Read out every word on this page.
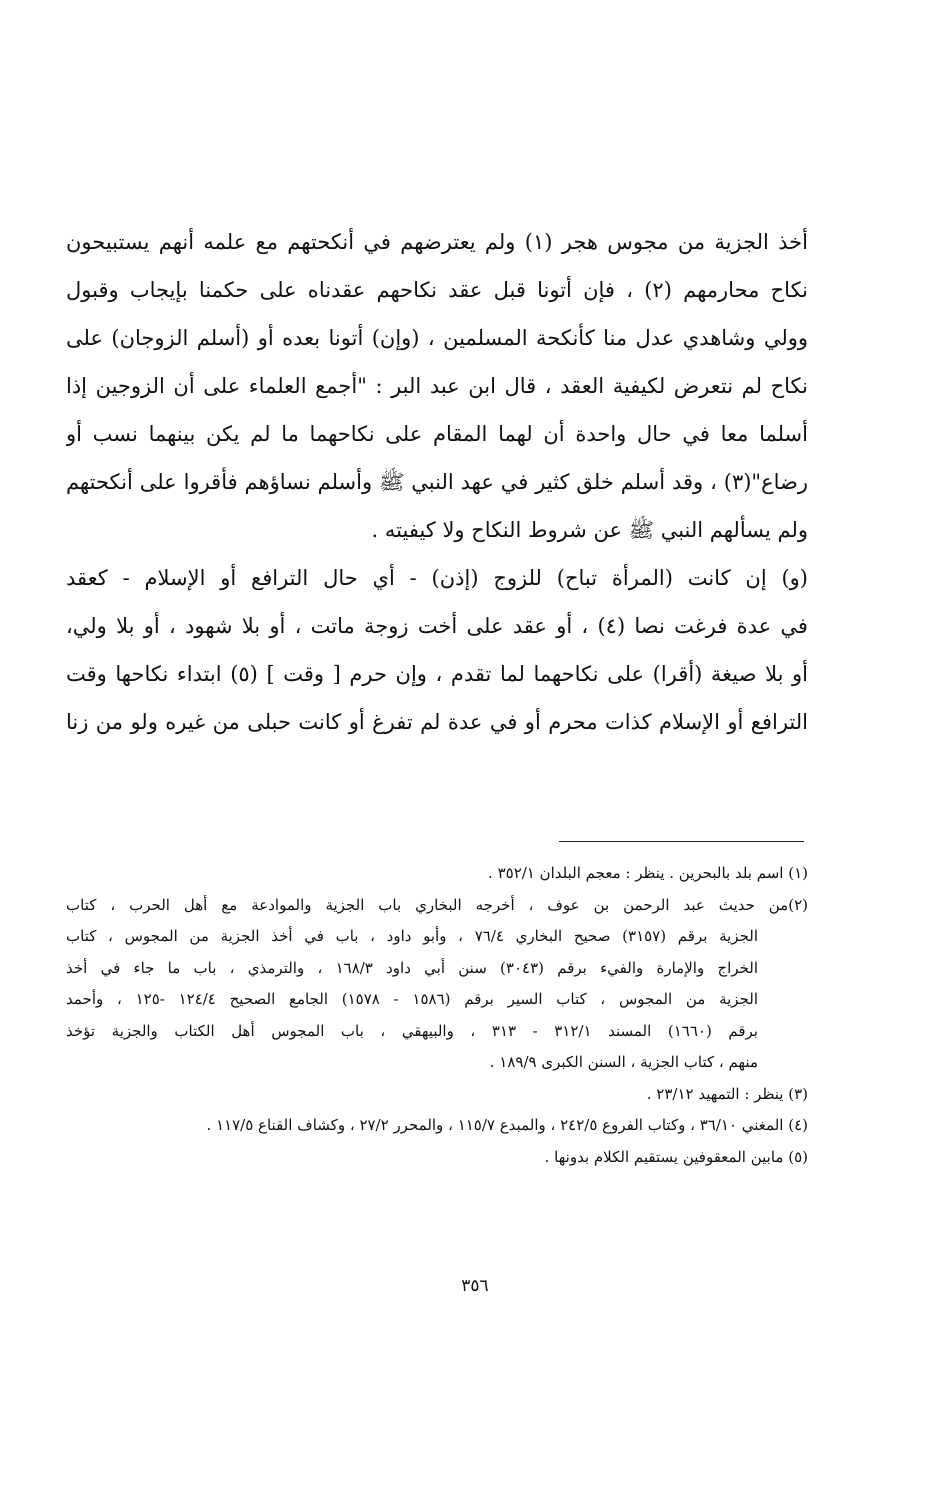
أخذ الجزية من مجوس هجر (١) ولم يعترضهم في أنكحتهم مع علمه أنهم يستبيحون
نكاح محارمهم (٢) ، فإن أتونا قبل عقد نكاحهم عقدناه على حكمنا بإيجاب وقبول
وولي وشاهدي عدل منا كأنكحة المسلمين ، (وإن) أتونا بعده أو (أسلم الزوجان) على
نكاح لم نتعرض لكيفية العقد ، قال ابن عبد البر : "أجمع العلماء على أن الزوجين إذا
أسلما معا في حال واحدة أن لهما المقام على نكاحهما ما لم يكن بينهما نسب أو
رضاع"(٣) ، وقد أسلم خلق كثير في عهد النبي ﷺ وأسلم نساؤهم فأقروا على أنكحتهم
ولم يسألهم النبي ﷺ عن شروط النكاح ولا كيفيته .
(و) إن كانت (المرأة تباح) للزوج (إذن) - أي حال الترافع أو الإسلام - كعقد
في عدة فرغت نصا (٤) ، أو عقد على أخت زوجة ماتت ، أو بلا شهود ، أو بلا ولي،
أو بلا صيغة (أقرا) على نكاحهما لما تقدم ، وإن حرم [ وقت ] (٥) ابتداء نكاحها وقت
الترافع أو الإسلام كذات محرم أو في عدة لم تفرغ أو كانت حبلى من غيره ولو من زنا
(١) اسم بلد بالبحرين . ينظر : معجم البلدان ٣٥٢/١ .
(٢)من حديث عبد الرحمن بن عوف ، أخرجه البخاري باب الجزية والموادعة مع أهل الحرب ، كتاب
الجزية برقم (٣١٥٧) صحيح البخاري ٧٦/٤ ، وأبو داود ، باب في أخذ الجزية من المجوس ، كتاب
الخراج والإمارة والفيء برقم (٣٠٤٣) سنن أبي داود ١٦٨/٣ ، والترمذي ، باب ما جاء في أخذ
الجزية من المجوس ، كتاب السير برقم (١٥٨٦ - ١٥٧٨) الجامع الصحيح ١٢٤/٤ -١٢٥ ، وأحمد
برقم (١٦٦٠) المسند ٣١٢/١ - ٣١٣ ، والبيهقي ، باب المجوس أهل الكتاب والجزية تؤخذ
منهم ، كتاب الجزية ، السنن الكبرى ١٨٩/٩ .
(٣) ينظر : التمهيد ٢٣/١٢ .
(٤) المغني ٣٦/١٠ ، وكتاب الفروع ٢٤٢/٥ ، والمبدع ١١٥/٧ ، والمحرر ٢٧/٢ ، وكشاف القناع ١١٧/٥ .
(٥) مابين المعقوفين يستقيم الكلام بدونها .
٣٥٦
